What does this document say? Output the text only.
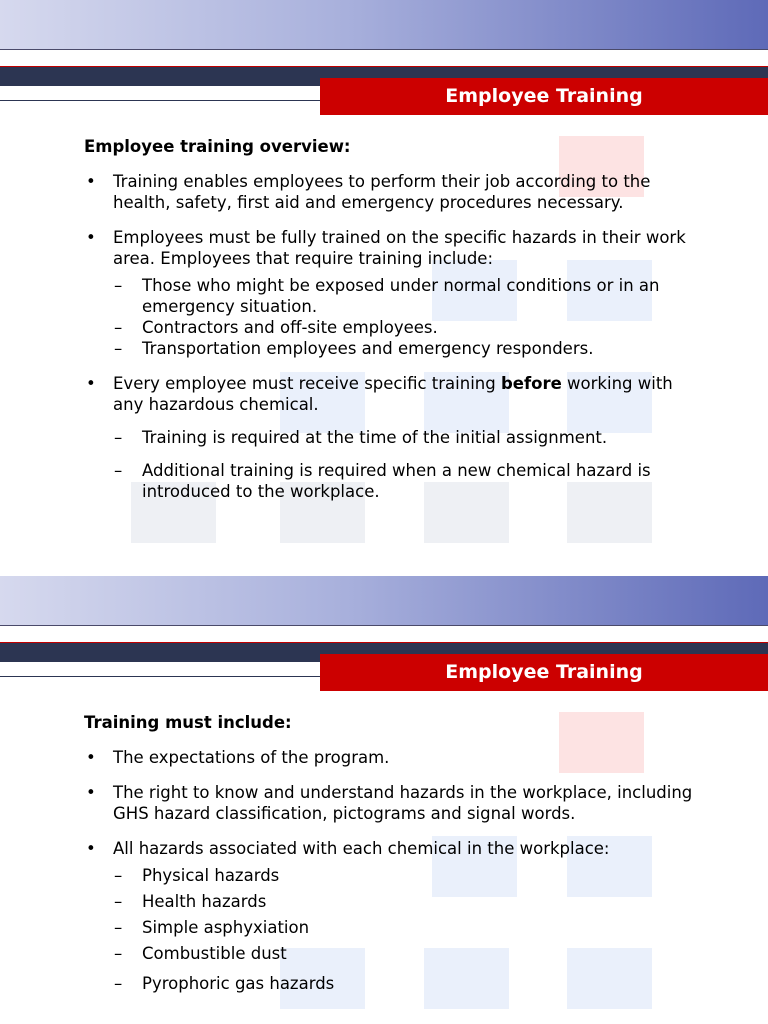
Employee Training
Employee training overview:
• Training enables employees to perform their job according to the health, safety, first aid and emergency procedures necessary.
• Employees must be fully trained on the specific hazards in their work area. Employees that require training include:
– Those who might be exposed under normal conditions or in an emergency situation.
– Contractors and off-site employees.
– Transportation employees and emergency responders.
• Every employee must receive specific training before working with any hazardous chemical.
– Training is required at the time of the initial assignment.
– Additional training is required when a new chemical hazard is introduced to the workplace.
Employee Training
Training must include:
• The expectations of the program.
• The right to know and understand hazards in the workplace, including GHS hazard classification, pictograms and signal words.
• All hazards associated with each chemical in the workplace:
– Physical hazards
– Health hazards
– Simple asphyxiation
– Combustible dust
– Pyrophoric gas hazards
